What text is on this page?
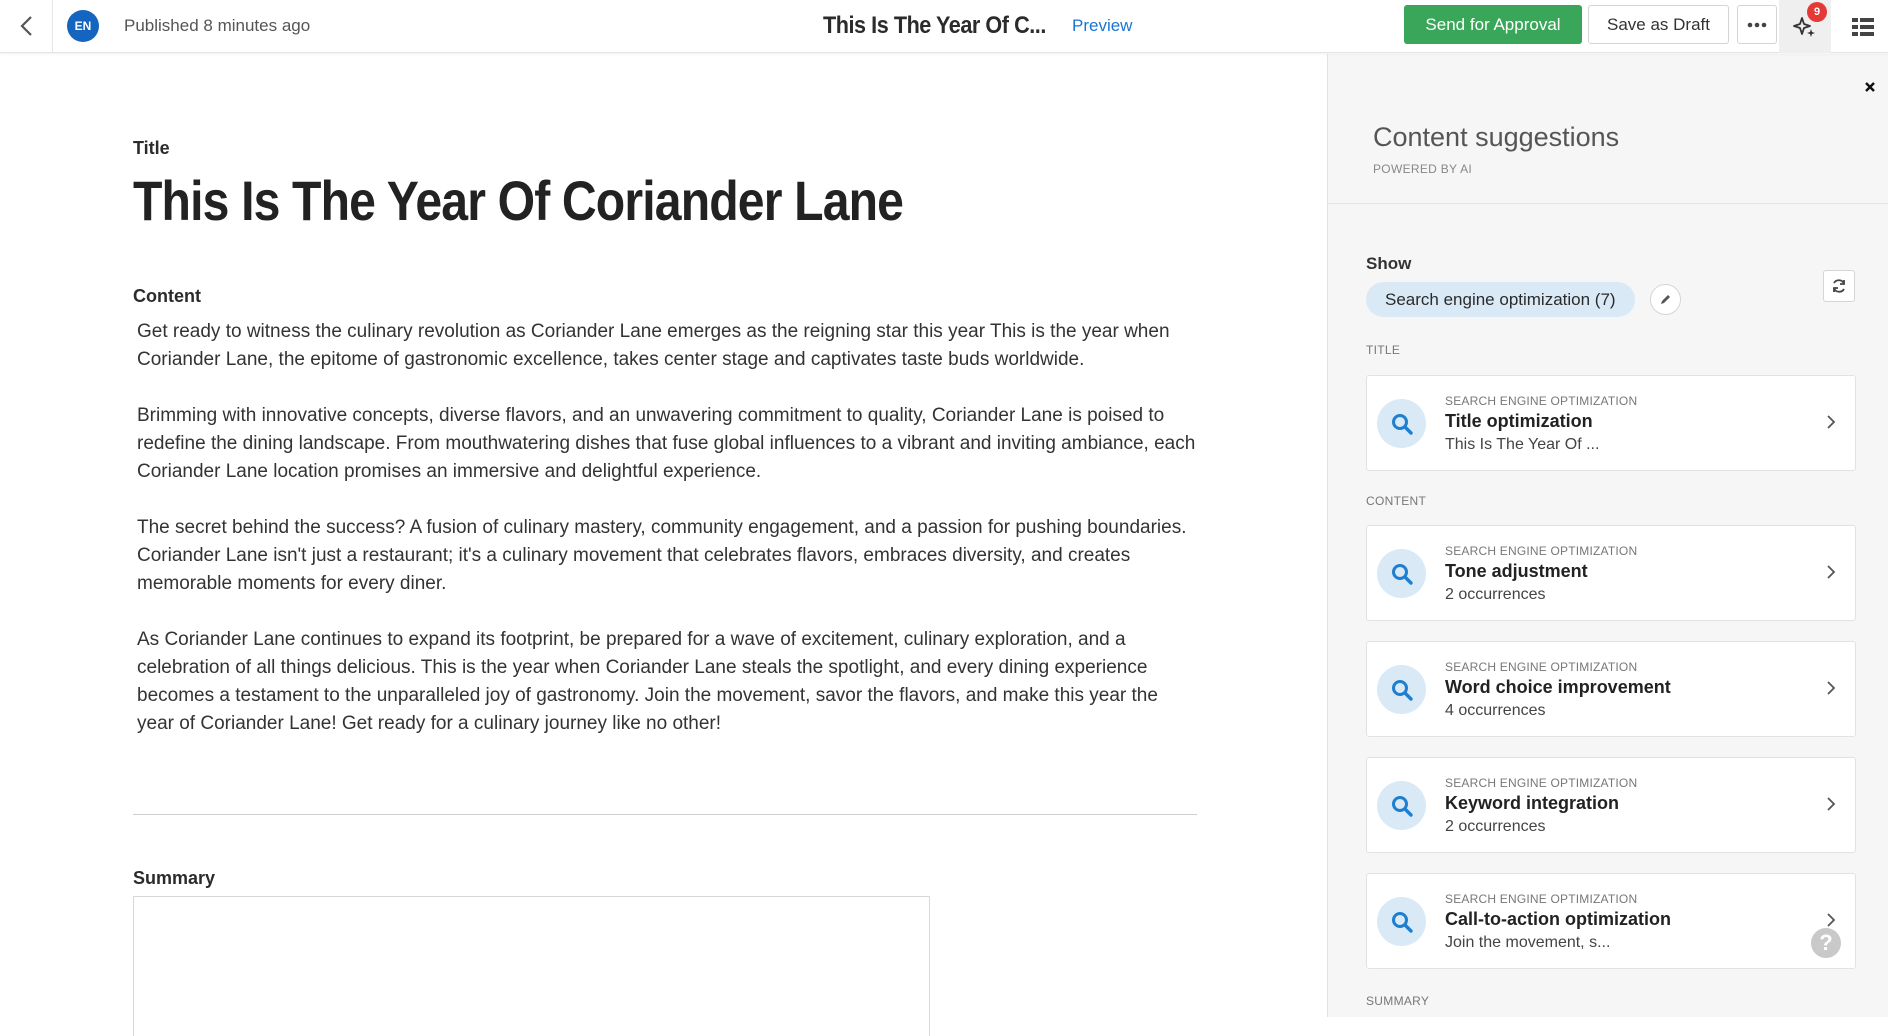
EN	Published 8 minutes ago	This Is The Year Of C... Preview	Send for Approval	Save as Draft
9
Title
This Is The Year Of Coriander Lane
Content

Get ready to witness the culinary revolution as Coriander Lane emerges as the reigning star this year This is the year when Coriander Lane, the epitome of gastronomic excellence, takes center stage and captivates taste buds worldwide.

Brimming with innovative concepts, diverse flavors, and an unwavering commitment to quality, Coriander Lane is poised to redefine the dining landscape. From mouthwatering dishes that fuse global influences to a vibrant and inviting ambiance, each Coriander Lane location promises an immersive and delightful experience.

The secret behind the success? A fusion of culinary mastery, community engagement, and a passion for pushing boundaries. Coriander Lane isn't just a restaurant; it's a culinary movement that celebrates flavors, embraces diversity, and creates memorable moments for every diner.

As Coriander Lane continues to expand its footprint, be prepared for a wave of excitement, culinary exploration, and a celebration of all things delicious. This is the year when Coriander Lane steals the spotlight, and every dining experience becomes a testament to the unparalleled joy of gastronomy. Join the movement, savor the flavors, and make this year the year of Coriander Lane! Get ready for a culinary journey like no other!

Summary
Content suggestions
POWERED BY AI
Show
Search engine optimization (7)
TITLE
SEARCH ENGINE OPTIMIZATION
Title optimization
This Is The Year Of ...
CONTENT
SEARCH ENGINE OPTIMIZATION
Tone adjustment
2 occurrences
SEARCH ENGINE OPTIMIZATION
Word choice improvement
4 occurrences
SEARCH ENGINE OPTIMIZATION
Keyword integration
2 occurrences
SEARCH ENGINE OPTIMIZATION
Call-to-action optimization
Join the movement, s...	?
SUMMARY
